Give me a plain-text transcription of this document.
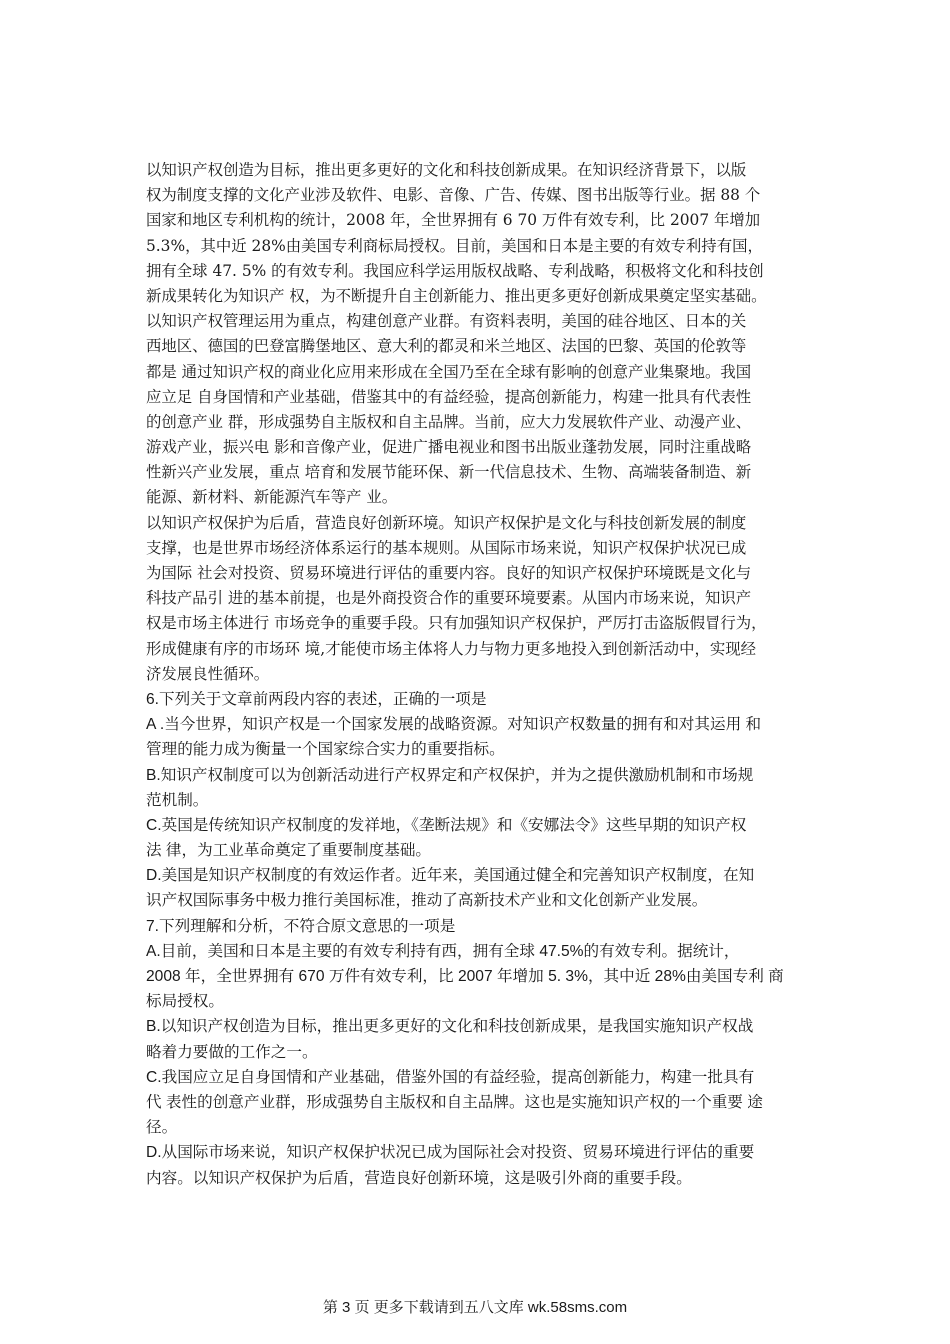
以知识产权创造为目标，推出更多更好的文化和科技创新成果。在知识经济背景下，以版
权为制度支撑的文化产业涉及软件、电影、音像、广告、传媒、图书出版等行业。据 88 个
国家和地区专利机构的统计，2008 年，全世界拥有 6 70 万件有效专利，比 2007 年增加
5.3%，其中近 28%由美国专利商标局授权。目前，美国和日本是主要的有效专利持有国，
拥有全球 47. 5% 的有效专利。我国应科学运用版权战略、专利战略，积极将文化和科技创
新成果转化为知识产 权，为不断提升自主创新能力、推出更多更好创新成果奠定坚实基础。
以知识产权管理运用为重点，构建创意产业群。有资料表明，美国的硅谷地区、日本的关
西地区、德国的巴登富腾堡地区、意大利的都灵和米兰地区、法国的巴黎、英国的伦敦等
都是 通过知识产权的商业化应用来形成在全国乃至在全球有影响的创意产业集聚地。我国
应立足 自身国情和产业基础，借鉴其中的有益经验，提高创新能力，构建一批具有代表性
的创意产业 群，形成强势自主版权和自主品牌。当前，应大力发展软件产业、动漫产业、
游戏产业，振兴电 影和音像产业，促进广播电视业和图书出版业蓬勃发展，同时注重战略
性新兴产业发展，重点 培育和发展节能环保、新一代信息技术、生物、高端装备制造、新
能源、新材料、新能源汽车等产 业。
以知识产权保护为后盾，营造良好创新环境。知识产权保护是文化与科技创新发展的制度
支撑，也是世界市场经济体系运行的基本规则。从国际市场来说，知识产权保护状况已成
为国际 社会对投资、贸易环境进行评估的重要内容。良好的知识产权保护环境既是文化与
科技产品引 进的基本前提，也是外商投资合作的重要环境要素。从国内市场来说，知识产
权是市场主体进行 市场竞争的重要手段。只有加强知识产权保护，严厉打击盗版假冒行为，
形成健康有序的市场环 境,才能使市场主体将人力与物力更多地投入到创新活动中，实现经
济发展良性循环。
6.下列关于文章前两段内容的表述，正确的一项是
A .当今世界，知识产权是一个国家发展的战略资源。对知识产权数量的拥有和对其运用 和
管理的能力成为衡量一个国家综合实力的重要指标。
B.知识产权制度可以为创新活动进行产权界定和产权保护，并为之提供激励机制和市场规
范机制。
C.英国是传统知识产权制度的发祥地，《垄断法规》和《安娜法令》这些早期的知识产权
法 律，为工业革命奠定了重要制度基础。
D.美国是知识产权制度的有效运作者。近年来，美国通过健全和完善知识产权制度，在知
识产权国际事务中极力推行美国标准，推动了高新技术产业和文化创新产业发展。
7.下列理解和分析，不符合原文意思的一项是
A.目前，美国和日本是主要的有效专利持有西，拥有全球 47.5%的有效专利。据统计，
2008 年，全世界拥有 670 万件有效专利，比 2007 年增加 5. 3%，其中近 28%由美国专利 商
标局授权。
B.以知识产权创造为目标，推出更多更好的文化和科技创新成果，是我国实施知识产权战
略着力要做的工作之一。
C.我国应立足自身国情和产业基础，借鉴外国的有益经验，提高创新能力，构建一批具有
代 表性的创意产业群，形成强势自主版权和自主品牌。这也是实施知识产权的一个重要 途
径。
D.从国际市场来说，知识产权保护状况已成为国际社会对投资、贸易环境进行评估的重要
内容。以知识产权保护为后盾，营造良好创新环境，这是吸引外商的重要手段。
第 3 页 更多下载请到五八文库 wk.58sms.com
